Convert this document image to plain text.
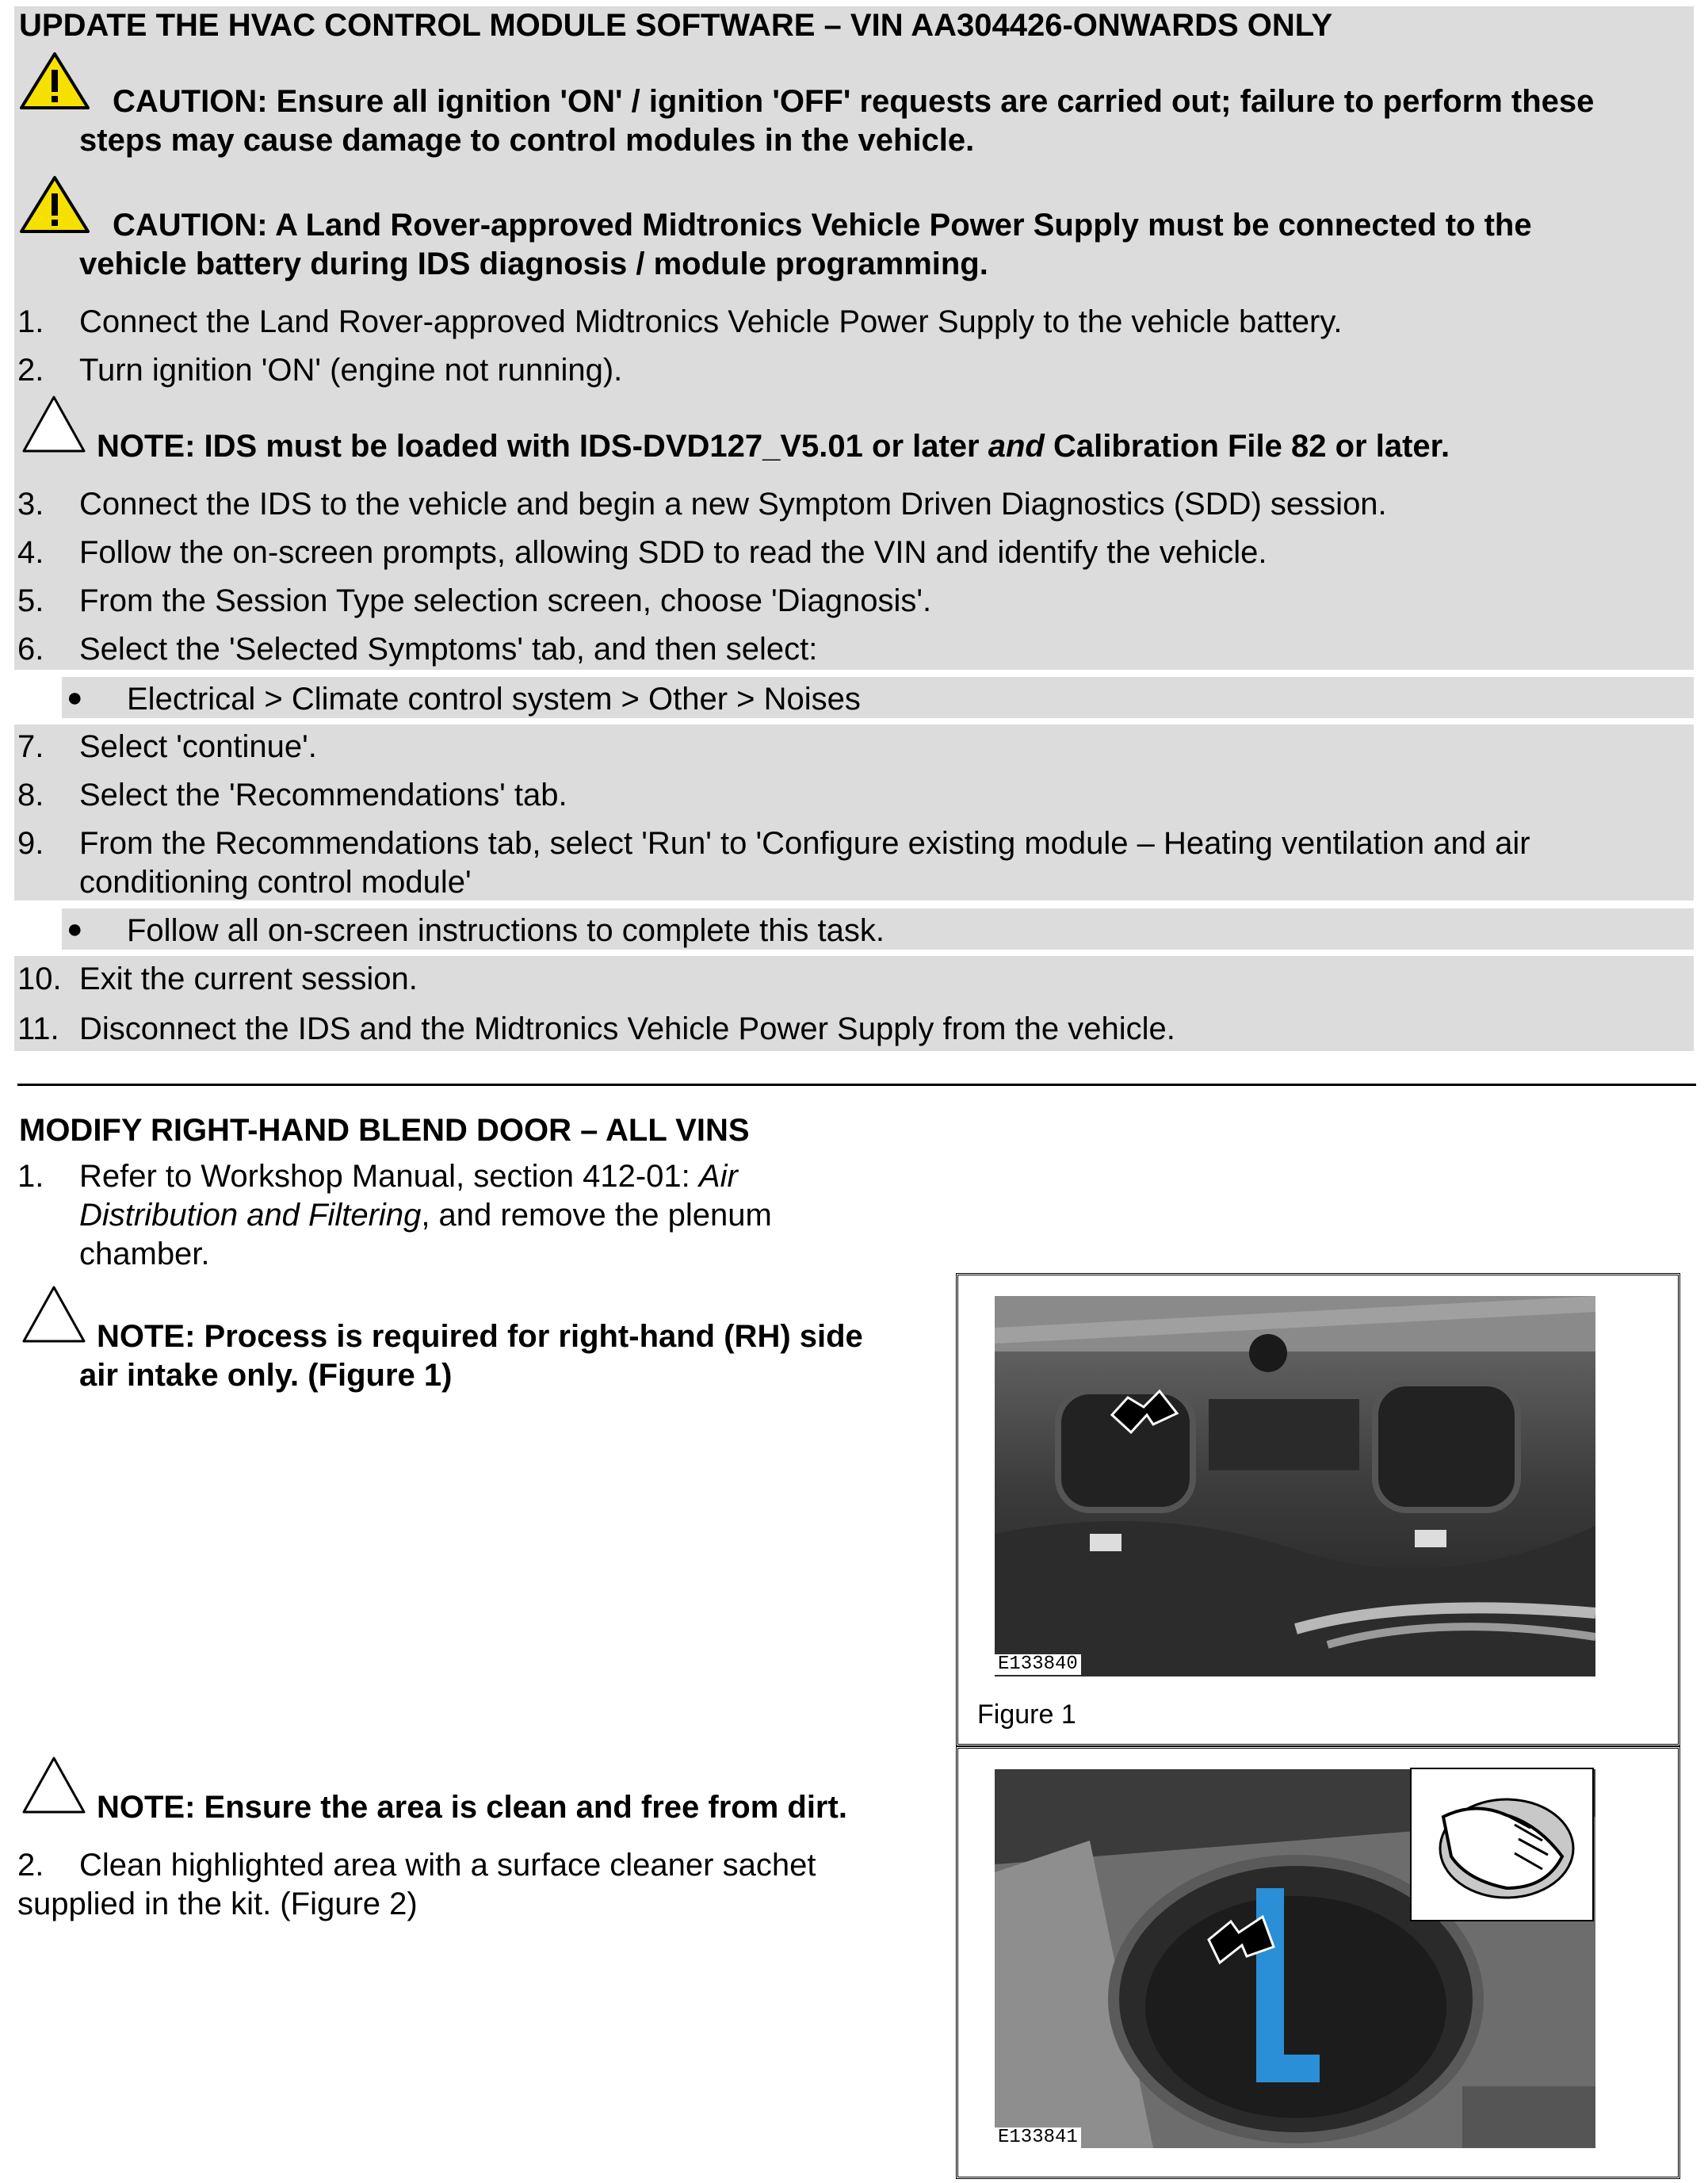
UPDATE THE HVAC CONTROL MODULE SOFTWARE – VIN AA304426-ONWARDS ONLY
CAUTION: Ensure all ignition 'ON' / ignition 'OFF' requests are carried out; failure to perform these
steps may cause damage to control modules in the vehicle.
CAUTION: A Land Rover-approved Midtronics Vehicle Power Supply must be connected to the
vehicle battery during IDS diagnosis / module programming.
1. Connect the Land Rover-approved Midtronics Vehicle Power Supply to the vehicle battery.
2. Turn ignition 'ON' (engine not running).
NOTE: IDS must be loaded with IDS-DVD127_V5.01 or later and Calibration File 82 or later.
3. Connect the IDS to the vehicle and begin a new Symptom Driven Diagnostics (SDD) session.
4. Follow the on-screen prompts, allowing SDD to read the VIN and identify the vehicle.
5. From the Session Type selection screen, choose 'Diagnosis'.
6. Select the 'Selected Symptoms' tab, and then select:
● Electrical > Climate control system > Other > Noises
7. Select 'continue'.
8. Select the 'Recommendations' tab.
9. From the Recommendations tab, select 'Run' to 'Configure existing module – Heating ventilation and air
conditioning control module'
● Follow all on-screen instructions to complete this task.
10. Exit the current session.
11. Disconnect the IDS and the Midtronics Vehicle Power Supply from the vehicle.
MODIFY RIGHT-HAND BLEND DOOR – ALL VINS
1. Refer to Workshop Manual, section 412-01: Air
Distribution and Filtering, and remove the plenum
chamber.
NOTE: Process is required for right-hand (RH) side
air intake only. (Figure 1)
NOTE: Ensure the area is clean and free from dirt.
2. Clean highlighted area with a surface cleaner sachet
supplied in the kit. (Figure 2)
E133840
Figure 1
E133841
